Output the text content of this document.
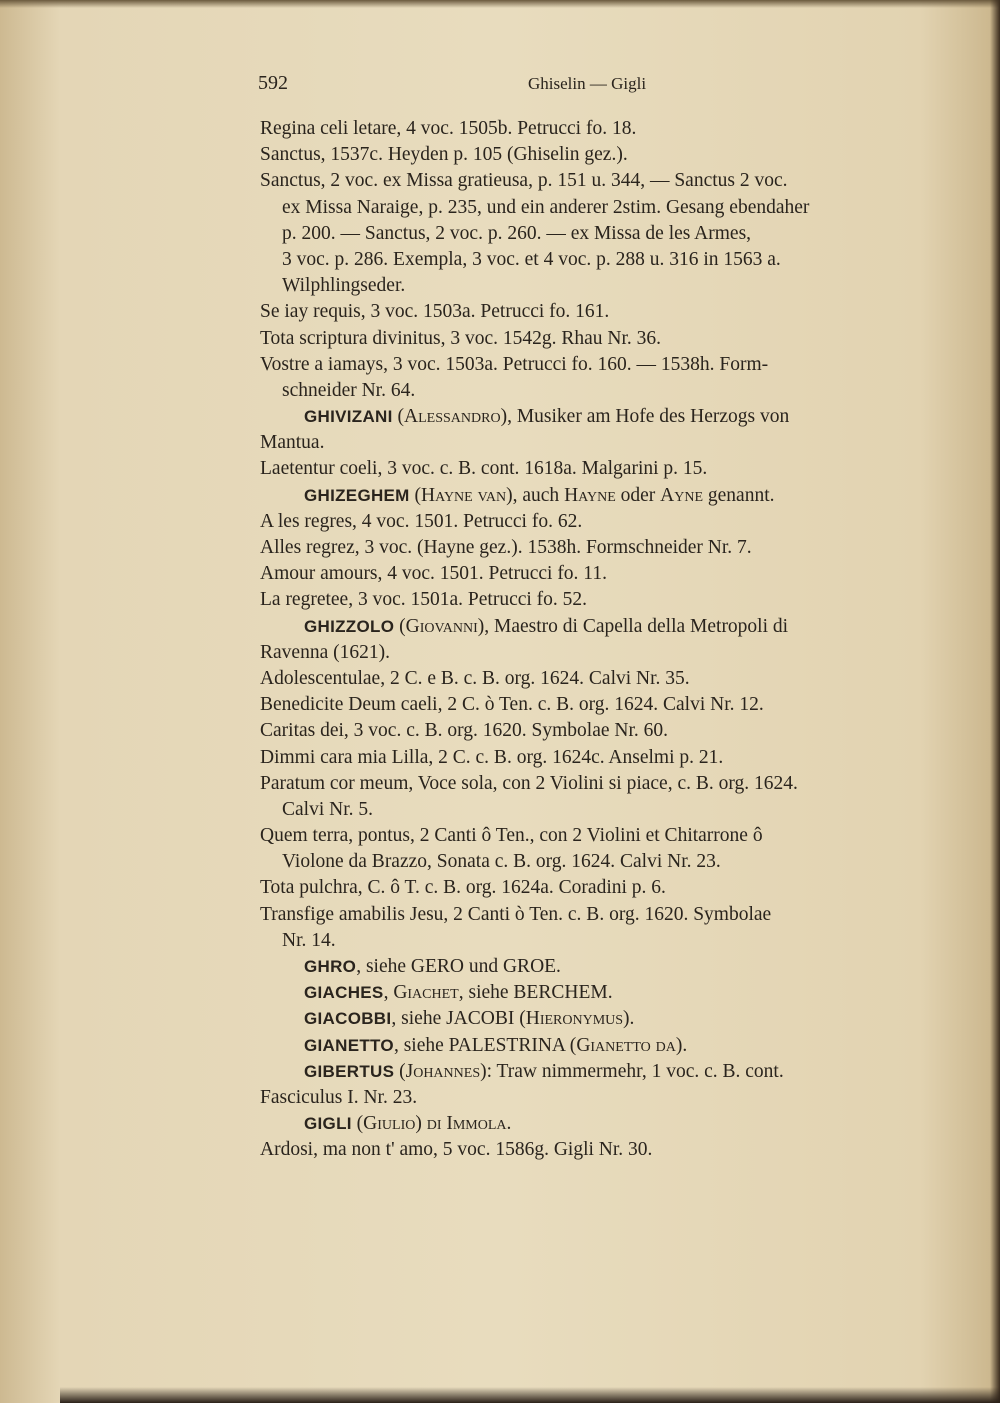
592	Ghiselin — Gigli
Regina celi letare, 4 voc. 1505b. Petrucci fo. 18.
Sanctus, 1537c. Heyden p. 105 (Ghiselin gez.).
Sanctus, 2 voc. ex Missa gratieusa, p. 151 u. 344, — Sanctus 2 voc.
ex Missa Naraige, p. 235, und ein anderer 2stim. Gesang ebendaher
p. 200. — Sanctus, 2 voc. p. 260. — ex Missa de les Armes,
3 voc. p. 286. Exempla, 3 voc. et 4 voc. p. 288 u. 316 in 1563 a.
Wilphlingseder.
Se iay requis, 3 voc. 1503a. Petrucci fo. 161.
Tota scriptura divinitus, 3 voc. 1542g. Rhau Nr. 36.
Vostre a iamays, 3 voc. 1503a. Petrucci fo. 160. — 1538h. Form-
schneider Nr. 64.
GHIVIZANI (Alessandro), Musiker am Hofe des Herzogs von
Mantua.
Laetentur coeli, 3 voc. c. B. cont. 1618a. Malgarini p. 15.
GHIZEGHEM (Hayne van), auch Hayne oder Ayne genannt.
A les regres, 4 voc. 1501. Petrucci fo. 62.
Alles regrez, 3 voc. (Hayne gez.). 1538h. Formschneider Nr. 7.
Amour amours, 4 voc. 1501. Petrucci fo. 11.
La regretee, 3 voc. 1501a. Petrucci fo. 52.
GHIZZOLO (Giovanni), Maestro di Capella della Metropoli di
Ravenna (1621).
Adolescentulae, 2 C. e B. c. B. org. 1624. Calvi Nr. 35.
Benedicite Deum caeli, 2 C. ò Ten. c. B. org. 1624. Calvi Nr. 12.
Caritas dei, 3 voc. c. B. org. 1620. Symbolae Nr. 60.
Dimmi cara mia Lilla, 2 C. c. B. org. 1624c. Anselmi p. 21.
Paratum cor meum, Voce sola, con 2 Violini si piace, c. B. org. 1624.
Calvi Nr. 5.
Quem terra, pontus, 2 Canti ô Ten., con 2 Violini et Chitarrone ô
Violone da Brazzo, Sonata c. B. org. 1624. Calvi Nr. 23.
Tota pulchra, C. ô T. c. B. org. 1624a. Coradini p. 6.
Transfige amabilis Jesu, 2 Canti ò Ten. c. B. org. 1620. Symbolae
Nr. 14.
GHRO, siehe GERO und GROE.
GIACHES, Giachet, siehe BERCHEM.
GIACOBBI, siehe JACOBI (Hieronymus).
GIANETTO, siehe PALESTRINA (Gianetto da).
GIBERTUS (Johannes): Traw nimmermehr, 1 voc. c. B. cont.
Fasciculus I. Nr. 23.
GIGLI (Giulio) di Immola.
Ardosi, ma non t' amo, 5 voc. 1586g. Gigli Nr. 30.
